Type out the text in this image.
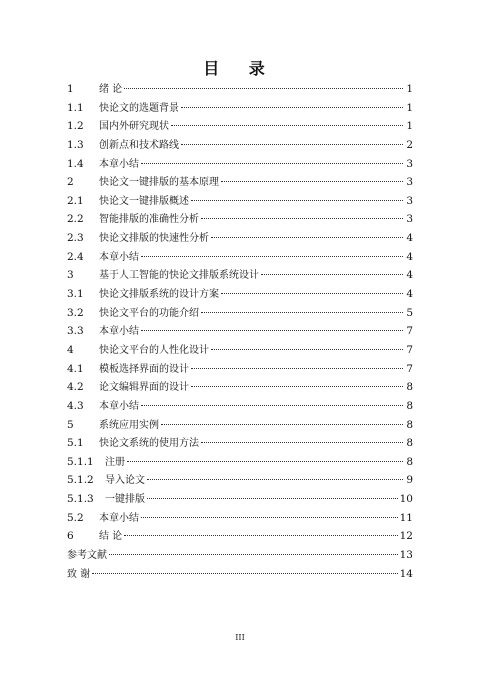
目 录
1	绪 论	1
1.1	快论文的选题背景	1
1.2	国内外研究现状	1
1.3	创新点和技术路线	2
1.4	本章小结	3
2	快论文一键排版的基本原理	3
2.1	快论文一键排版概述	3
2.2	智能排版的准确性分析	3
2.3	快论文排版的快速性分析	4
2.4	本章小结	4
3	基于人工智能的快论文排版系统设计	4
3.1	快论文排版系统的设计方案	4
3.2	快论文平台的功能介绍	5
3.3	本章小结	7
4	快论文平台的人性化设计	7
4.1	模板选择界面的设计	7
4.2	论文编辑界面的设计	8
4.3	本章小结	8
5	系统应用实例	8
5.1	快论文系统的使用方法	8
5.1.1	注册	8
5.1.2	导入论文	9
5.1.3	一键排版	10
5.2	本章小结	11
6	结 论	12
参考文献	13
致 谢	14
III
